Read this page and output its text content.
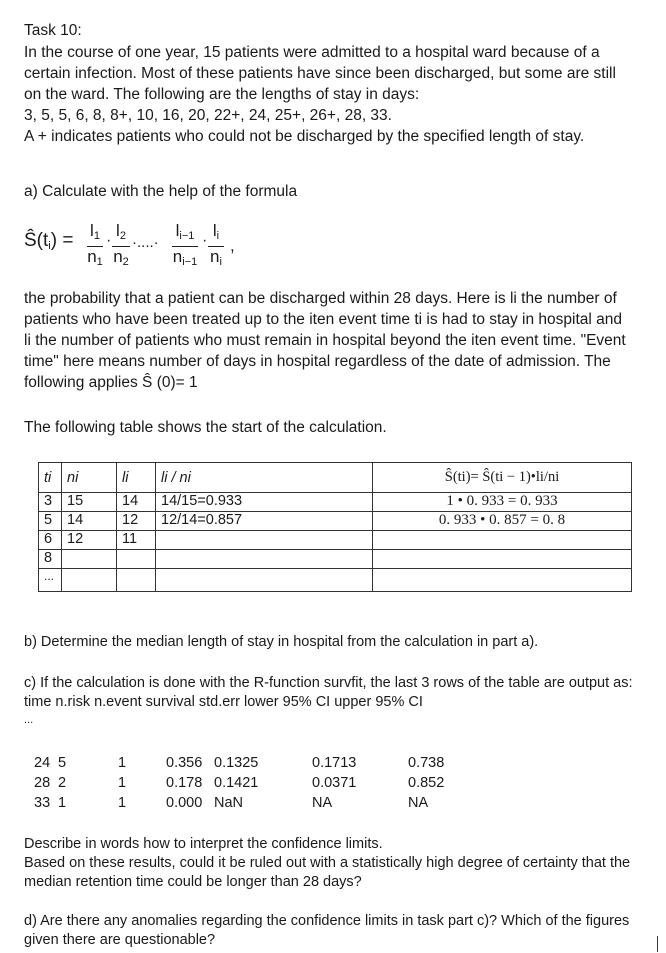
Task 10:
In the course of one year, 15 patients were admitted to a hospital ward because of a
certain infection. Most of these patients have since been discharged, but some are still
on the ward. The following are the lengths of stay in days:
3, 5, 5, 6, 8, 8+, 10, 16, 20, 22+, 24, 25+, 26+, 28, 33.
A + indicates patients who could not be discharged by the specified length of stay.
a) Calculate with the help of the formula
$Ŝ(t_i) = l_1$
$n_1$
·
$l_2$
$n_2$
·....·
$l_{i-1}$
$n_{i-1}$
·
$l_i$
$n_i$
,
the probability that a patient can be discharged within 28 days. Here is li the number of
patients who have been treated up to the iten event time ti is had to stay in hospital and
li the number of patients who must remain in hospital beyond the iten event time. "Event
time" here means number of days in hospital regardless of the date of admission. The
following applies Ŝ (0)= 1
The following table shows the start of the calculation.
ti	ni	li	li / ni	Ŝ(ti)= Ŝ(ti − 1)•li/ni
3	15	14	14/15=0.933	1 • 0. 933 = 0. 933
5	14	12	12/14=0.857	0. 933 • 0. 857 = 0. 8
6	12	11		
8				
...				
b) Determine the median length of stay in hospital from the calculation in part a).
c) If the calculation is done with the R-function survfit, the last 3 rows of the table are output as:
time n.risk n.event survival std.err lower 95% CI upper 95% CI
...
24 5	1	0.356 0.1325	0.1713	0.738
28 2	1	0.178 0.1421	0.0371	0.852
33 1	1	0.000 NaN	NA	NA
Describe in words how to interpret the confidence limits.
Based on these results, could it be ruled out with a statistically high degree of certainty that the
median retention time could be longer than 28 days?
d) Are there any anomalies regarding the confidence limits in task part c)? Which of the figures
given there are questionable?
